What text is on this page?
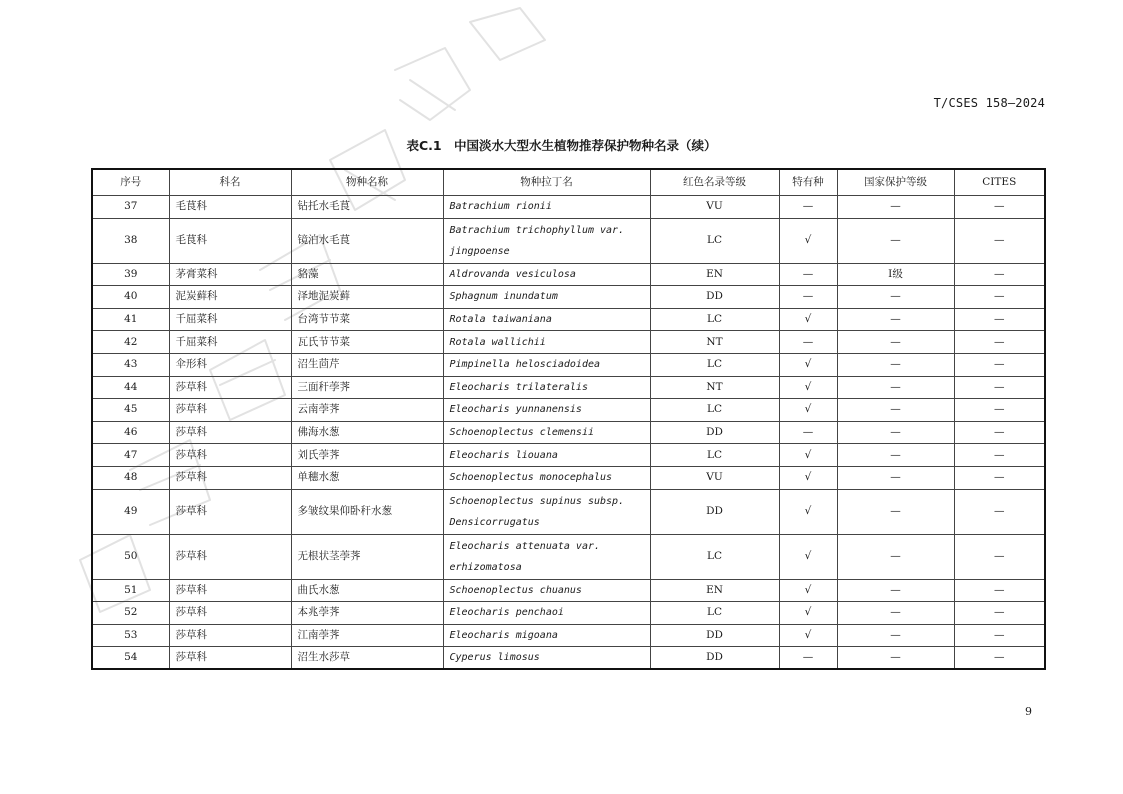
T/CSES 158—2024
表C.1　中国淡水大型水生植物推荐保护物种名录（续）
序号	科名	物种名称	物种拉丁名	红色名录等级	特有种	国家保护等级	CITES
37	毛茛科	钻托水毛茛	Batrachium rionii	VU	—	—	—
38	毛茛科	镜泊水毛茛	Batrachium trichophyllum var.
jingpoense	LC	√	—	—
39	茅膏菜科	貉藻	Aldrovanda vesiculosa	EN	—	Ⅰ级	—
40	泥炭藓科	泽地泥炭藓	Sphagnum inundatum	DD	—	—	—
41	千屈菜科	台湾节节菜	Rotala taiwaniana	LC	√	—	—
42	千屈菜科	瓦氏节节菜	Rotala wallichii	NT	—	—	—
43	伞形科	沼生茴芹	Pimpinella helosciadoidea	LC	√	—	—
44	莎草科	三面秆荸荠	Eleocharis trilateralis	NT	√	—	—
45	莎草科	云南荸荠	Eleocharis yunnanensis	LC	√	—	—
46	莎草科	佛海水葱	Schoenoplectus clemensii	DD	—	—	—
47	莎草科	刘氏荸荠	Eleocharis liouana	LC	√	—	—
48	莎草科	单穗水葱	Schoenoplectus monocephalus	VU	√	—	—
49	莎草科	多皱纹果仰卧秆水葱	Schoenoplectus supinus subsp.
Densicorrugatus	DD	√	—	—
50	莎草科	无根状茎荸荠	Eleocharis attenuata var.
erhizomatosa	LC	√	—	—
51	莎草科	曲氏水葱	Schoenoplectus chuanus	EN	√	—	—
52	莎草科	本兆荸荠	Eleocharis penchaoi	LC	√	—	—
53	莎草科	江南荸荠	Eleocharis migoana	DD	√	—	—
54	莎草科	沼生水莎草	Cyperus limosus	DD	—	—	—
9
